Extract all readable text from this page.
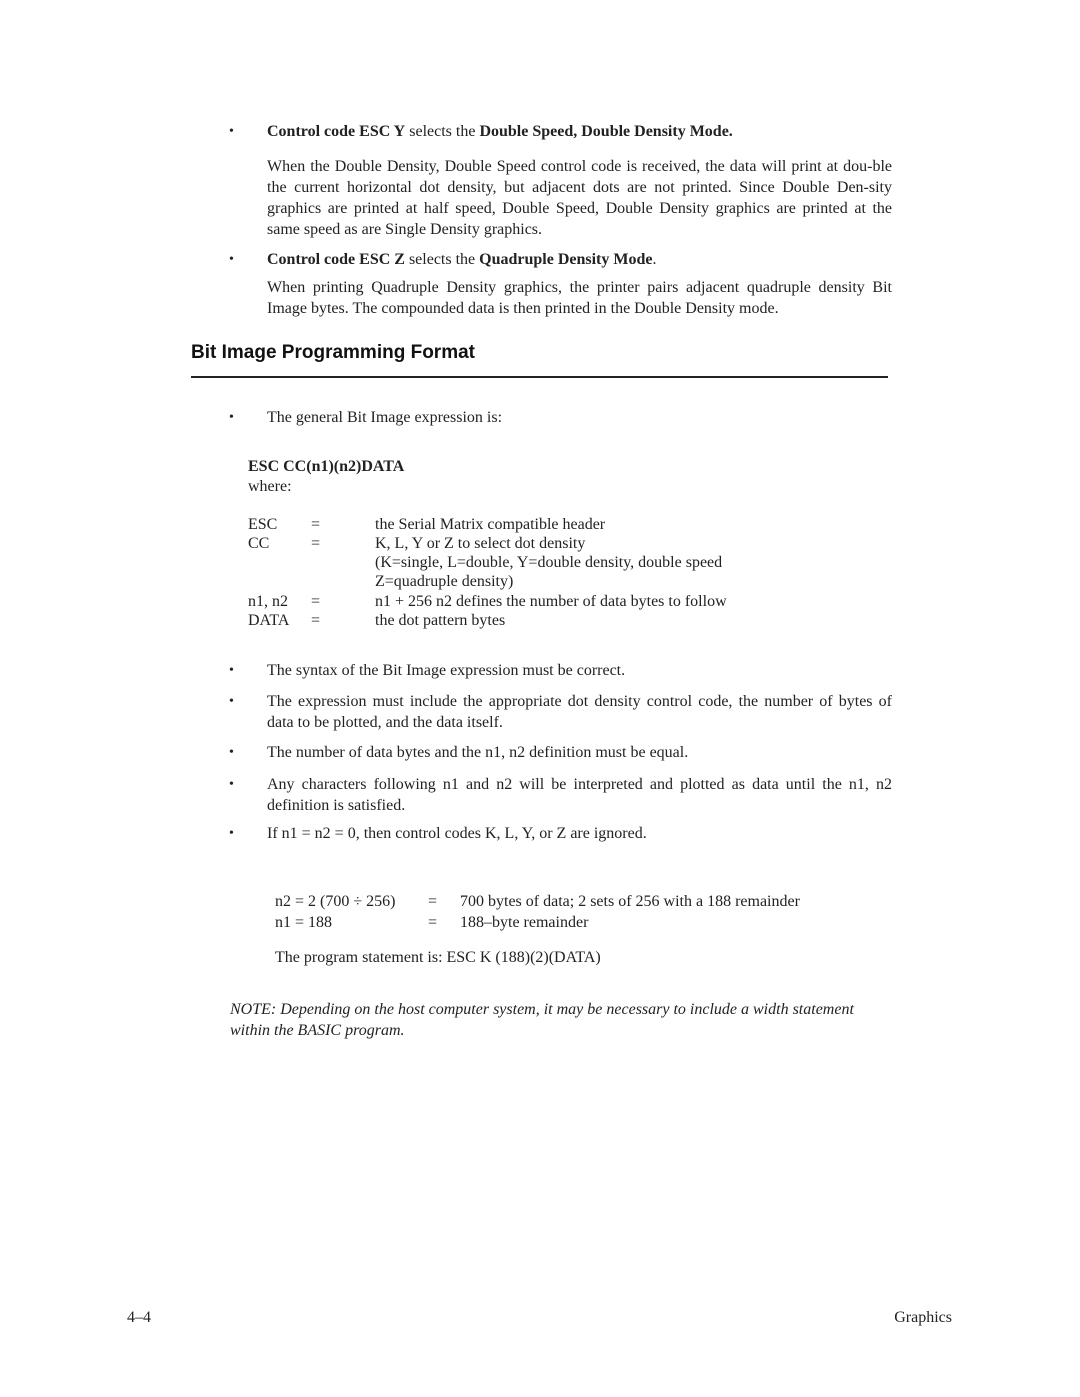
• Control code ESC Y selects the Double Speed, Double Density Mode.
When the Double Density, Double Speed control code is received, the data will print at dou-ble the current horizontal dot density, but adjacent dots are not printed. Since Double Den-sity graphics are printed at half speed, Double Speed, Double Density graphics are printed at the same speed as are Single Density graphics.
• Control code ESC Z selects the Quadruple Density Mode.
When printing Quadruple Density graphics, the printer pairs adjacent quadruple density Bit Image bytes. The compounded data is then printed in the Double Density mode.
Bit Image Programming Format
• The general Bit Image expression is:
ESC CC(n1)(n2)DATA
where:
ESC =	the Serial Matrix compatible header
CC	=	K, L, Y or Z to select dot density
(K=single, L=double, Y=double density, double speed
Z=quadruple density)
n1, n2 =	n1 + 256 n2 defines the number of data bytes to follow
DATA =	the dot pattern bytes
• The syntax of the Bit Image expression must be correct.
• The expression must include the appropriate dot density control code, the number of bytes of data to be plotted, and the data itself.
• The number of data bytes and the n1, n2 definition must be equal.
• Any characters following n1 and n2 will be interpreted and plotted as data until the n1, n2 definition is satisfied.
• If n1 = n2 = 0, then control codes K, L, Y, or Z are ignored.
n2 = 2 (700 ÷ 256) = 700 bytes of data; 2 sets of 256 with a 188 remainder
n1 = 188	= 188–byte remainder
The program statement is: ESC K (188)(2)(DATA)
NOTE: Depending on the host computer system, it may be necessary to include a width statement within the BASIC program.
4–4	Graphics
